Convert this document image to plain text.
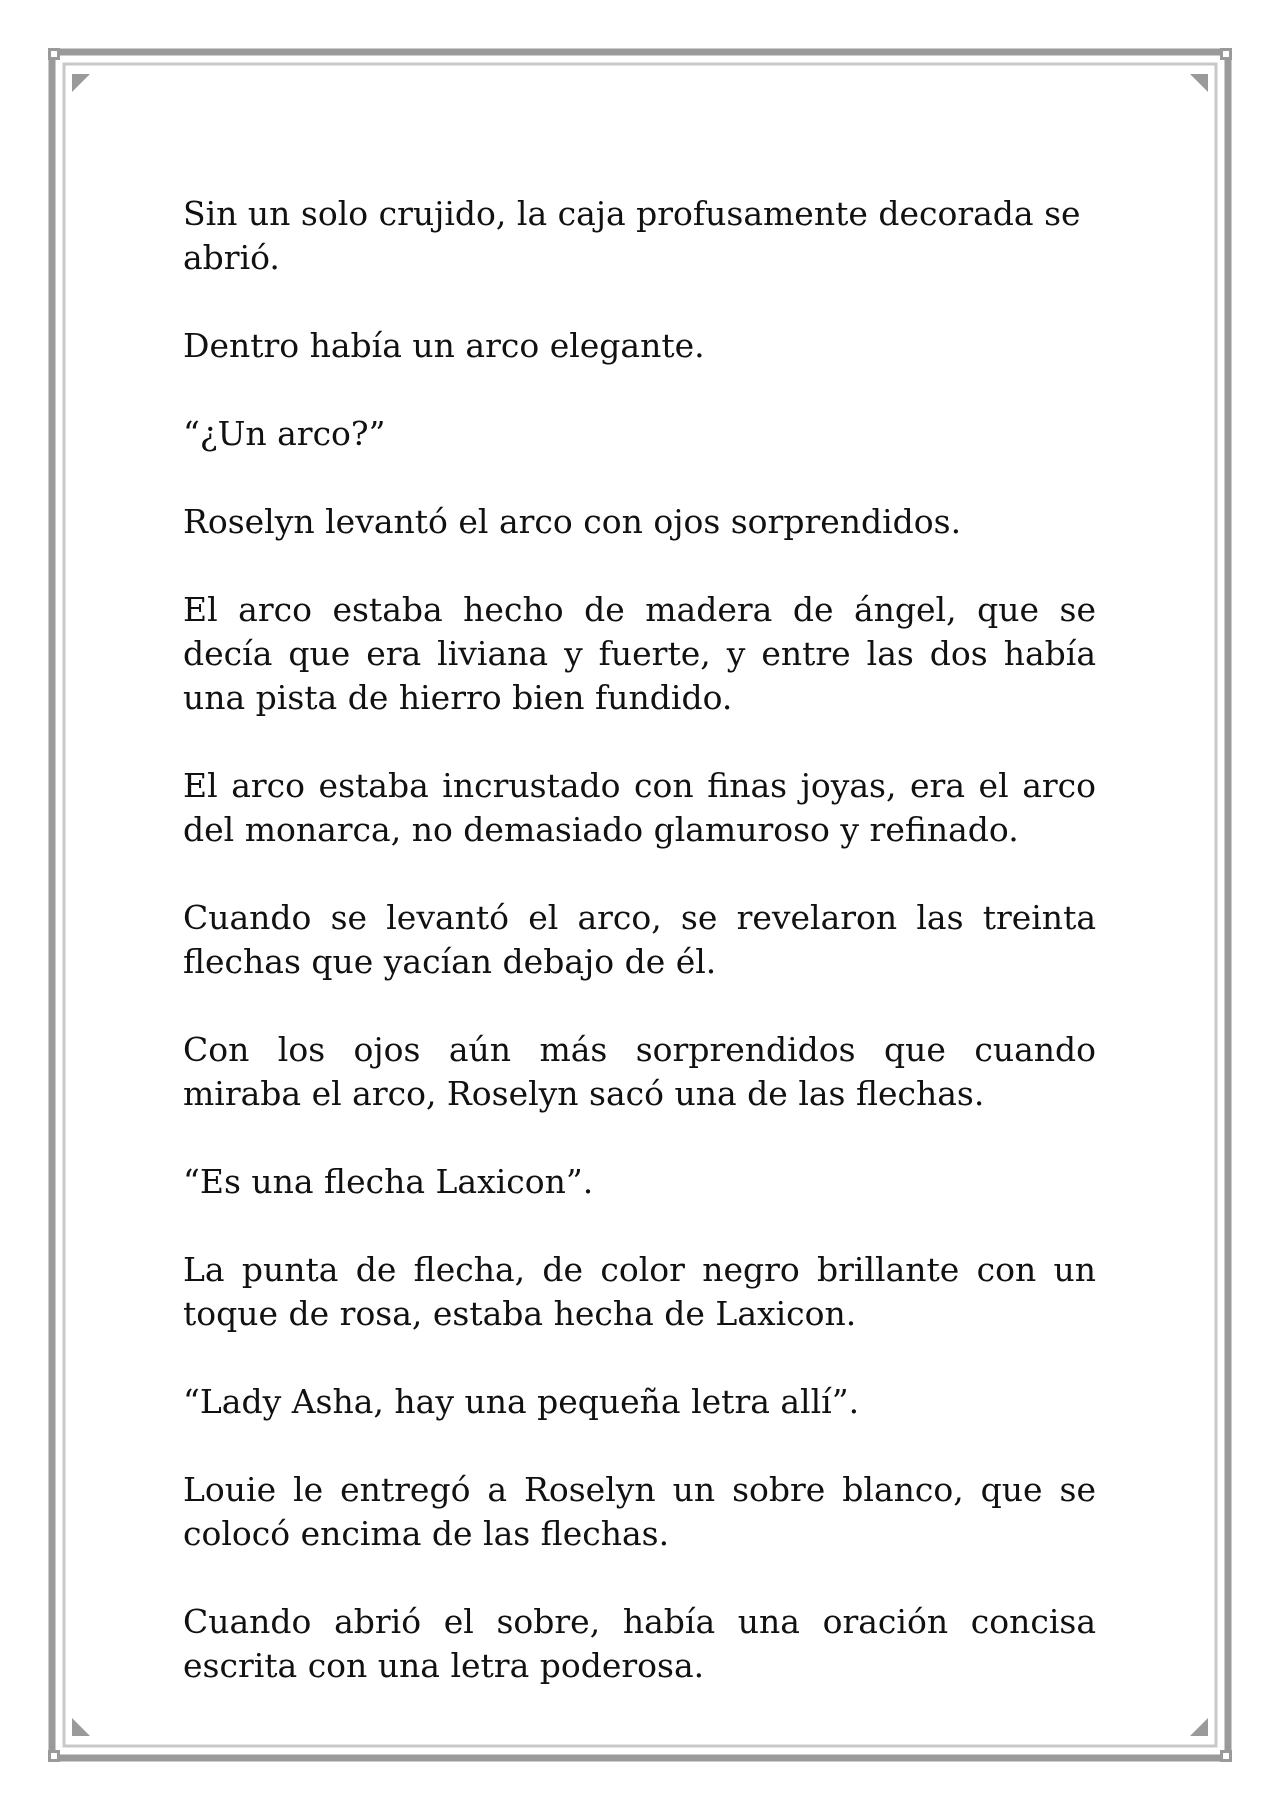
Sin un solo crujido, la caja profusamente decorada se abrió.

Dentro había un arco elegante.

“¿Un arco?”

Roselyn levantó el arco con ojos sorprendidos.

El arco estaba hecho de madera de ángel, que se decía que era liviana y fuerte, y entre las dos había una pista de hierro bien fundido.

El arco estaba incrustado con finas joyas, era el arco del monarca, no demasiado glamuroso y refinado.

Cuando se levantó el arco, se revelaron las treinta flechas que yacían debajo de él.

Con los ojos aún más sorprendidos que cuando miraba el arco, Roselyn sacó una de las flechas.

“Es una flecha Laxicon”.

La punta de flecha, de color negro brillante con un toque de rosa, estaba hecha de Laxicon.

“Lady Asha, hay una pequeña letra allí”.

Louie le entregó a Roselyn un sobre blanco, que se colocó encima de las flechas.

Cuando abrió el sobre, había una oración concisa escrita con una letra poderosa.
